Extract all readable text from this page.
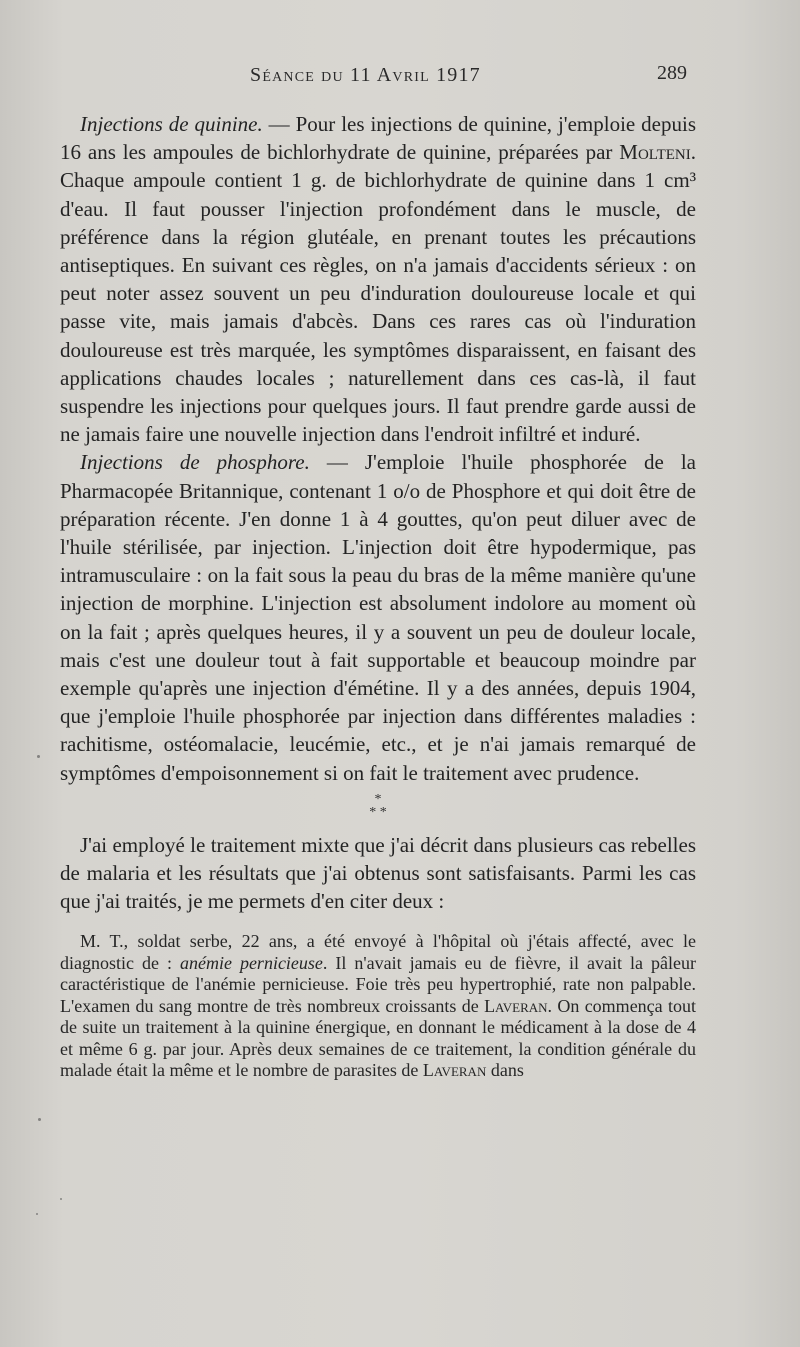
Séance du 11 Avril 1917	289

Injections de quinine. — Pour les injections de quinine, j'emploie depuis 16 ans les ampoules de bichlorhydrate de quinine, préparées par Molteni. Chaque ampoule contient 1 g. de bichlorhydrate de quinine dans 1 cm³ d'eau. Il faut pousser l'injection profondément dans le muscle, de préférence dans la région glutéale, en prenant toutes les précautions antiseptiques. En suivant ces règles, on n'a jamais d'accidents sérieux : on peut noter assez souvent un peu d'induration douloureuse locale et qui passe vite, mais jamais d'abcès. Dans ces rares cas où l'induration douloureuse est très marquée, les symptômes disparaissent, en faisant des applications chaudes locales ; naturellement dans ces cas-là, il faut suspendre les injections pour quelques jours. Il faut prendre garde aussi de ne jamais faire une nouvelle injection dans l'endroit infiltré et induré.

Injections de phosphore. — J'emploie l'huile phosphorée de la Pharmacopée Britannique, contenant 1 o/o de Phosphore et qui doit être de préparation récente. J'en donne 1 à 4 gouttes, qu'on peut diluer avec de l'huile stérilisée, par injection. L'injection doit être hypodermique, pas intramusculaire : on la fait sous la peau du bras de la même manière qu'une injection de morphine. L'injection est absolument indolore au moment où on la fait ; après quelques heures, il y a souvent un peu de douleur locale, mais c'est une douleur tout à fait supportable et beaucoup moindre par exemple qu'après une injection d'émétine. Il y a des années, depuis 1904, que j'emploie l'huile phosphorée par injection dans différentes maladies : rachitisme, ostéomalacie, leucémie, etc., et je n'ai jamais remarqué de symptômes d'empoisonnement si on fait le traitement avec prudence.

*
* *

J'ai employé le traitement mixte que j'ai décrit dans plusieurs cas rebelles de malaria et les résultats que j'ai obtenus sont satisfaisants. Parmi les cas que j'ai traités, je me permets d'en citer deux :

M. T., soldat serbe, 22 ans, a été envoyé à l'hôpital où j'étais affecté, avec le diagnostic de : anémie pernicieuse. Il n'avait jamais eu de fièvre, il avait la pâleur caractéristique de l'anémie pernicieuse. Foie très peu hypertrophié, rate non palpable. L'examen du sang montre de très nombreux croissants de Laveran. On commença tout de suite un traitement à la quinine énergique, en donnant le médicament à la dose de 4 et même 6 g. par jour. Après deux semaines de ce traitement, la condition générale du malade était la même et le nombre de parasites de Laveran dans
